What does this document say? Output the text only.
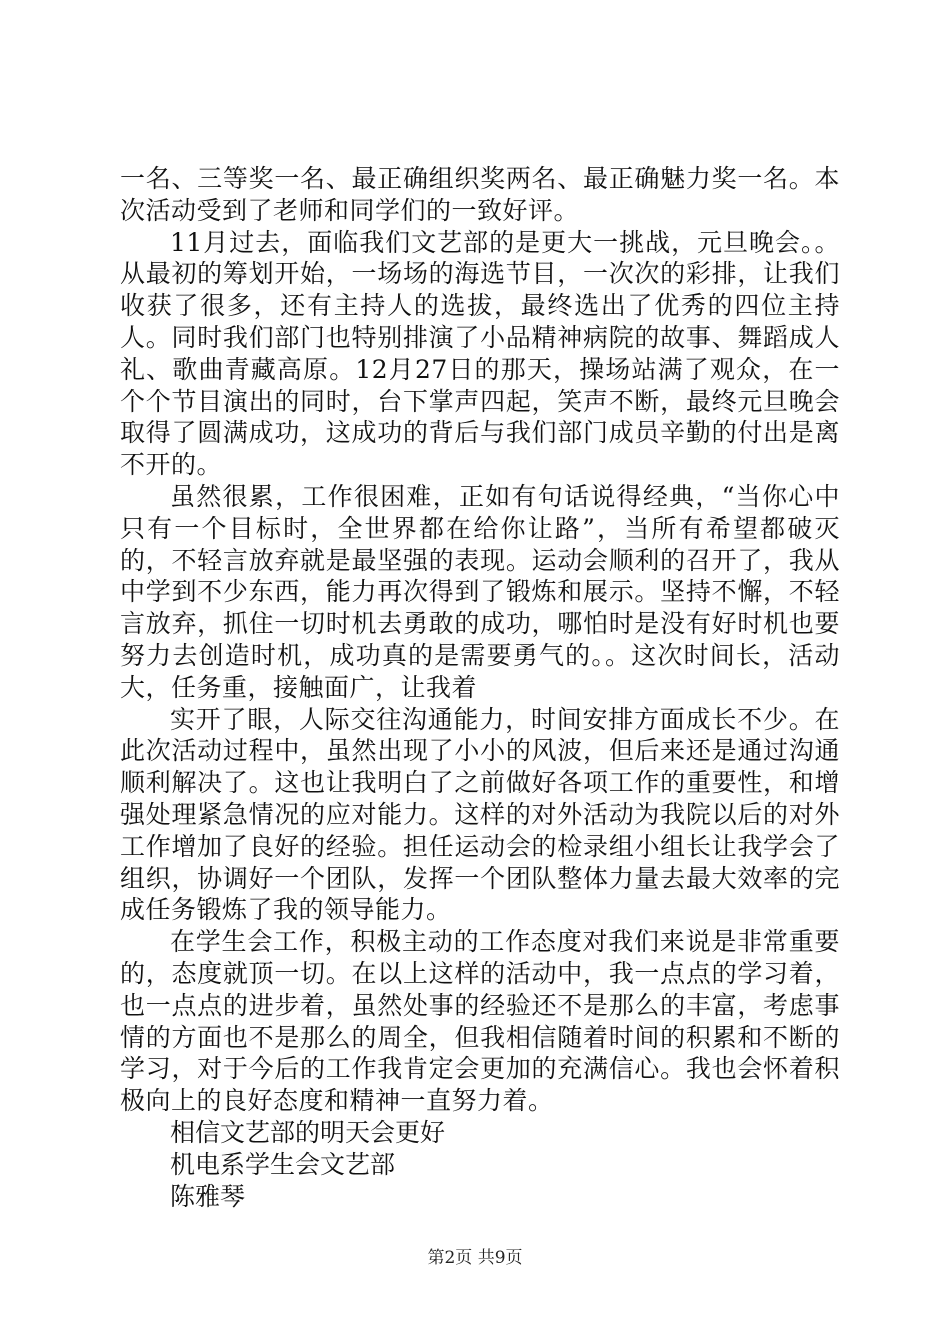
一名、三等奖一名、最正确组织奖两名、最正确魅力奖一名。本次活动受到了老师和同学们的一致好评。

11月过去，面临我们文艺部的是更大一挑战，元旦晚会。。从最初的筹划开始，一场场的海选节目，一次次的彩排，让我们收获了很多，还有主持人的选拔，最终选出了优秀的四位主持人。同时我们部门也特别排演了小品精神病院的故事、舞蹈成人礼、歌曲青藏高原。12月27日的那天，操场站满了观众，在一个个节目演出的同时，台下掌声四起，笑声不断，最终元旦晚会取得了圆满成功，这成功的背后与我们部门成员辛勤的付出是离不开的。

虽然很累，工作很困难，正如有句话说得经典，“当你心中只有一个目标时，全世界都在给你让路”，当所有希望都破灭的，不轻言放弃就是最坚强的表现。运动会顺利的召开了，我从中学到不少东西，能力再次得到了锻炼和展示。坚持不懈，不轻言放弃，抓住一切时机去勇敢的成功，哪怕时是没有好时机也要努力去创造时机，成功真的是需要勇气的。。这次时间长，活动大，任务重，接触面广，让我着

实开了眼，人际交往沟通能力，时间安排方面成长不少。在此次活动过程中，虽然出现了小小的风波，但后来还是通过沟通顺利解决了。这也让我明白了之前做好各项工作的重要性，和增强处理紧急情况的应对能力。这样的对外活动为我院以后的对外工作增加了良好的经验。担任运动会的检录组小组长让我学会了组织，协调好一个团队，发挥一个团队整体力量去最大效率的完成任务锻炼了我的领导能力。

在学生会工作，积极主动的工作态度对我们来说是非常重要的，态度就顶一切。在以上这样的活动中，我一点点的学习着，也一点点的进步着，虽然处事的经验还不是那么的丰富，考虑事情的方面也不是那么的周全，但我相信随着时间的积累和不断的学习，对于今后的工作我肯定会更加的充满信心。我也会怀着积极向上的良好态度和精神一直努力着。

相信文艺部的明天会更好

机电系学生会文艺部

陈雅琴

第2页 共9页
